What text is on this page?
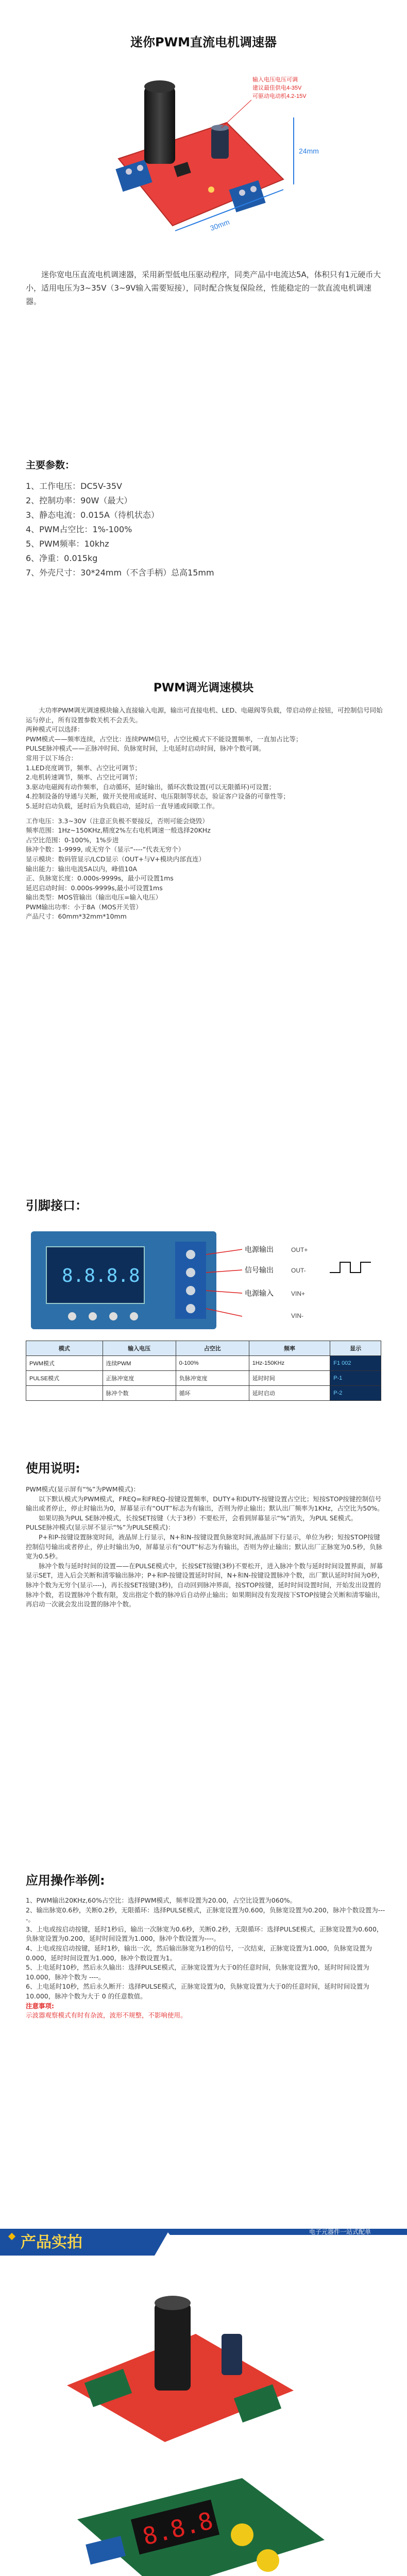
迷你PWM直流电机调速器
30mm
24mm
输入电压电压可调
建议最佳供电4-35V
可驱动电动机4.2-15V
迷你宽电压直流电机调速器，采用新型低电压驱动程序，同类产品中电流达5A，体积只有1元硬币大小，适用电压为3~35V（3~9V输入需要短接），同时配合恢复保险丝，性能稳定的一款直流电机调速器。
主要参数：
1、工作电压：DC5V-35V
2、控制功率：90W（最大）
3、静态电流：0.015A（待机状态）
4、PWM占空比：1%-100%
5、PWM频率：10khz
6、净重：0.015kg
7、外壳尺寸：30*24mm（不含手柄）总高15mm
PWM调光调速模块

大功率PWM调光调速模块输入直接输入电源，输出可直接电机、LED、电磁阀等负载，带启动停止按钮，可控制信号同始运与停止，所有设置参数关机不会丢失。

两种模式可以选择：

PWM模式——频率连续，占空比：连续PWM信号，占空比模式下不能设置频率，一直加占比等；

PULSE脉冲模式——正脉冲时间、负脉宽时间，上电延时启动时间，脉冲个数可调。

常用于以下场合：

1.LED亮度调节，频率、占空比可调节；

2.电机转速调节，频率、占空比可调节；

3.驱动电磁阀有动作频率，自动循环，延时输出，循环次数设置(可以无限循环)可设置；

4.控制设备的导通与关断，做开关使用或延时、电压限制等状态，验证客户设备的可靠性等；

5.延时启动负载，延时后为负载启动，延时后一直导通或间歇工作。

工作电压：3.3~30V（注意正负极不要接反，否则可能会烧毁）

频率范围：1Hz~150KHz,精度2%左右电机调速一般选择20KHz

占空比范围：0-100%，1%步进

脉冲个数：1-9999, 或无穷个（显示“----”代表无穷个）

显示模块：数码管显示/LCD显示（OUT+与V+模块内部直连）

输出能力：输出电流5A以内，峰值10A

正、负脉宽长度：0.000s-9999s，最小可设置1ms

延迟启动时间：0.000s-9999s,最小可设置1ms

输出类型：MOS管输出（输出电压=输入电压）

PWM输出功率：小于8A（MOS开关管）

产品尺寸：60mm*32mm*10mm

引脚接口：
8.8.8.8
电源输出	OUT+
OUT-
信号输出
电源输入	VIN+
VIN-
模式	输入电压	占空比	频率	显示
PWM模式	连续PWM	0-100%	1Hz-150KHz	F1 002
PULSE模式	正脉冲宽度	负脉冲宽度	延时时间	P-1
	脉冲个数	循环	延时启动	P-2
使用说明:

PWM模式(显示屏有“%”为PWM模式)：

以下默认模式为PWM模式，FREQ=和FREQ-按键设置频率，DUTY+和DUTY-按键设置占空比；短按STOP按键控制信号输出或者停止，停止时输出为0，屏幕显示有“OUT”标志为有输出，否则为停止输出；默认出厂频率为1KHz，占空比为50%。

如果切换为PUL SE脉冲模式，长按SET按键（大于3秒）不要松开，会看到屏幕显示“%”消失，为PUL SE模式。

PULSE脉冲模式(显示屏不显示“%”为PULSE模式)：

P+和P-按键设置脉宽时间，液晶屏上行显示，N+和N-按键设置负脉宽时间,液晶屏下行显示，单位为秒；短按STOP按键控制信号输出或者停止，停止时输出为0，屏幕显示有“OUT”标志为有输出，否则为停止输出；默认出厂正脉宽为0.5秒，负脉宽为0.5秒。

脉冲个数与延时时间的设置——在PULSE模式中，长按SET按键(3秒)不要松开，进入脉冲个数与延时时间设置界面，屏幕显示SET，进入后会关断和清零输出脉冲；P+和P-按键设置延时时间，N+和N-按键设置脉冲个数，出厂默认延时时间为0秒，脉冲个数为无穷个(显示----)，再长按SET按键(3秒)，自动回到脉冲界面，按STOP按键，延时时间设置时间，开始发出设置的脉冲个数，若设置脉冲个数有限，发出指定个数的脉冲后自动停止输出；如果期间没有发现按下STOP按键会关断和清零输出，再启动一次就会发出设置的脉冲个数。

应用操作举例:

1、PWM输出20KHz,60%占空比：选择PWM模式，频率设置为20.00，占空比设置为060%。

2、输出脉宽0.6秒，关断0.2秒，无限循环：选择PULSE模式，正脉宽设置为0.600，负脉宽设置为0.200，脉冲个数设置为----。

3、上电或按启动按键，延时1秒后，输出一次脉宽为0.6秒，关断0.2秒，无限循环：选择PULSE模式，正脉宽设置为0.600，负脉宽设置为0.200，延时时间设置为1.000，脉冲个数设置为----。

4、上电或按启动按键，延时1秒，输出一次，然后输出脉宽为1秒的信号，一次结束，正脉宽设置为1.000，负脉宽设置为0.000，延时时间设置为1.000，脉冲个数设置为1。

5、上电延时10秒，然后永久输出：选择PULSE模式，正脉宽设置为大于0的任意时间，负脉宽设置为0，延时时间设置为10.000，脉冲个数为 ----。

6、上电延时10秒，然后永久断开：选择PULSE模式，正脉宽设置为0，负脉宽设置为大于0的任意时间，延时时间设置为10.000，脉冲个数为大于 0 的任意数值。

注意事项:

示波器观察模式有时有杂波，波形不规整，不影响使用。

产品实拍
电子元器件一站式配单
8.8.8
